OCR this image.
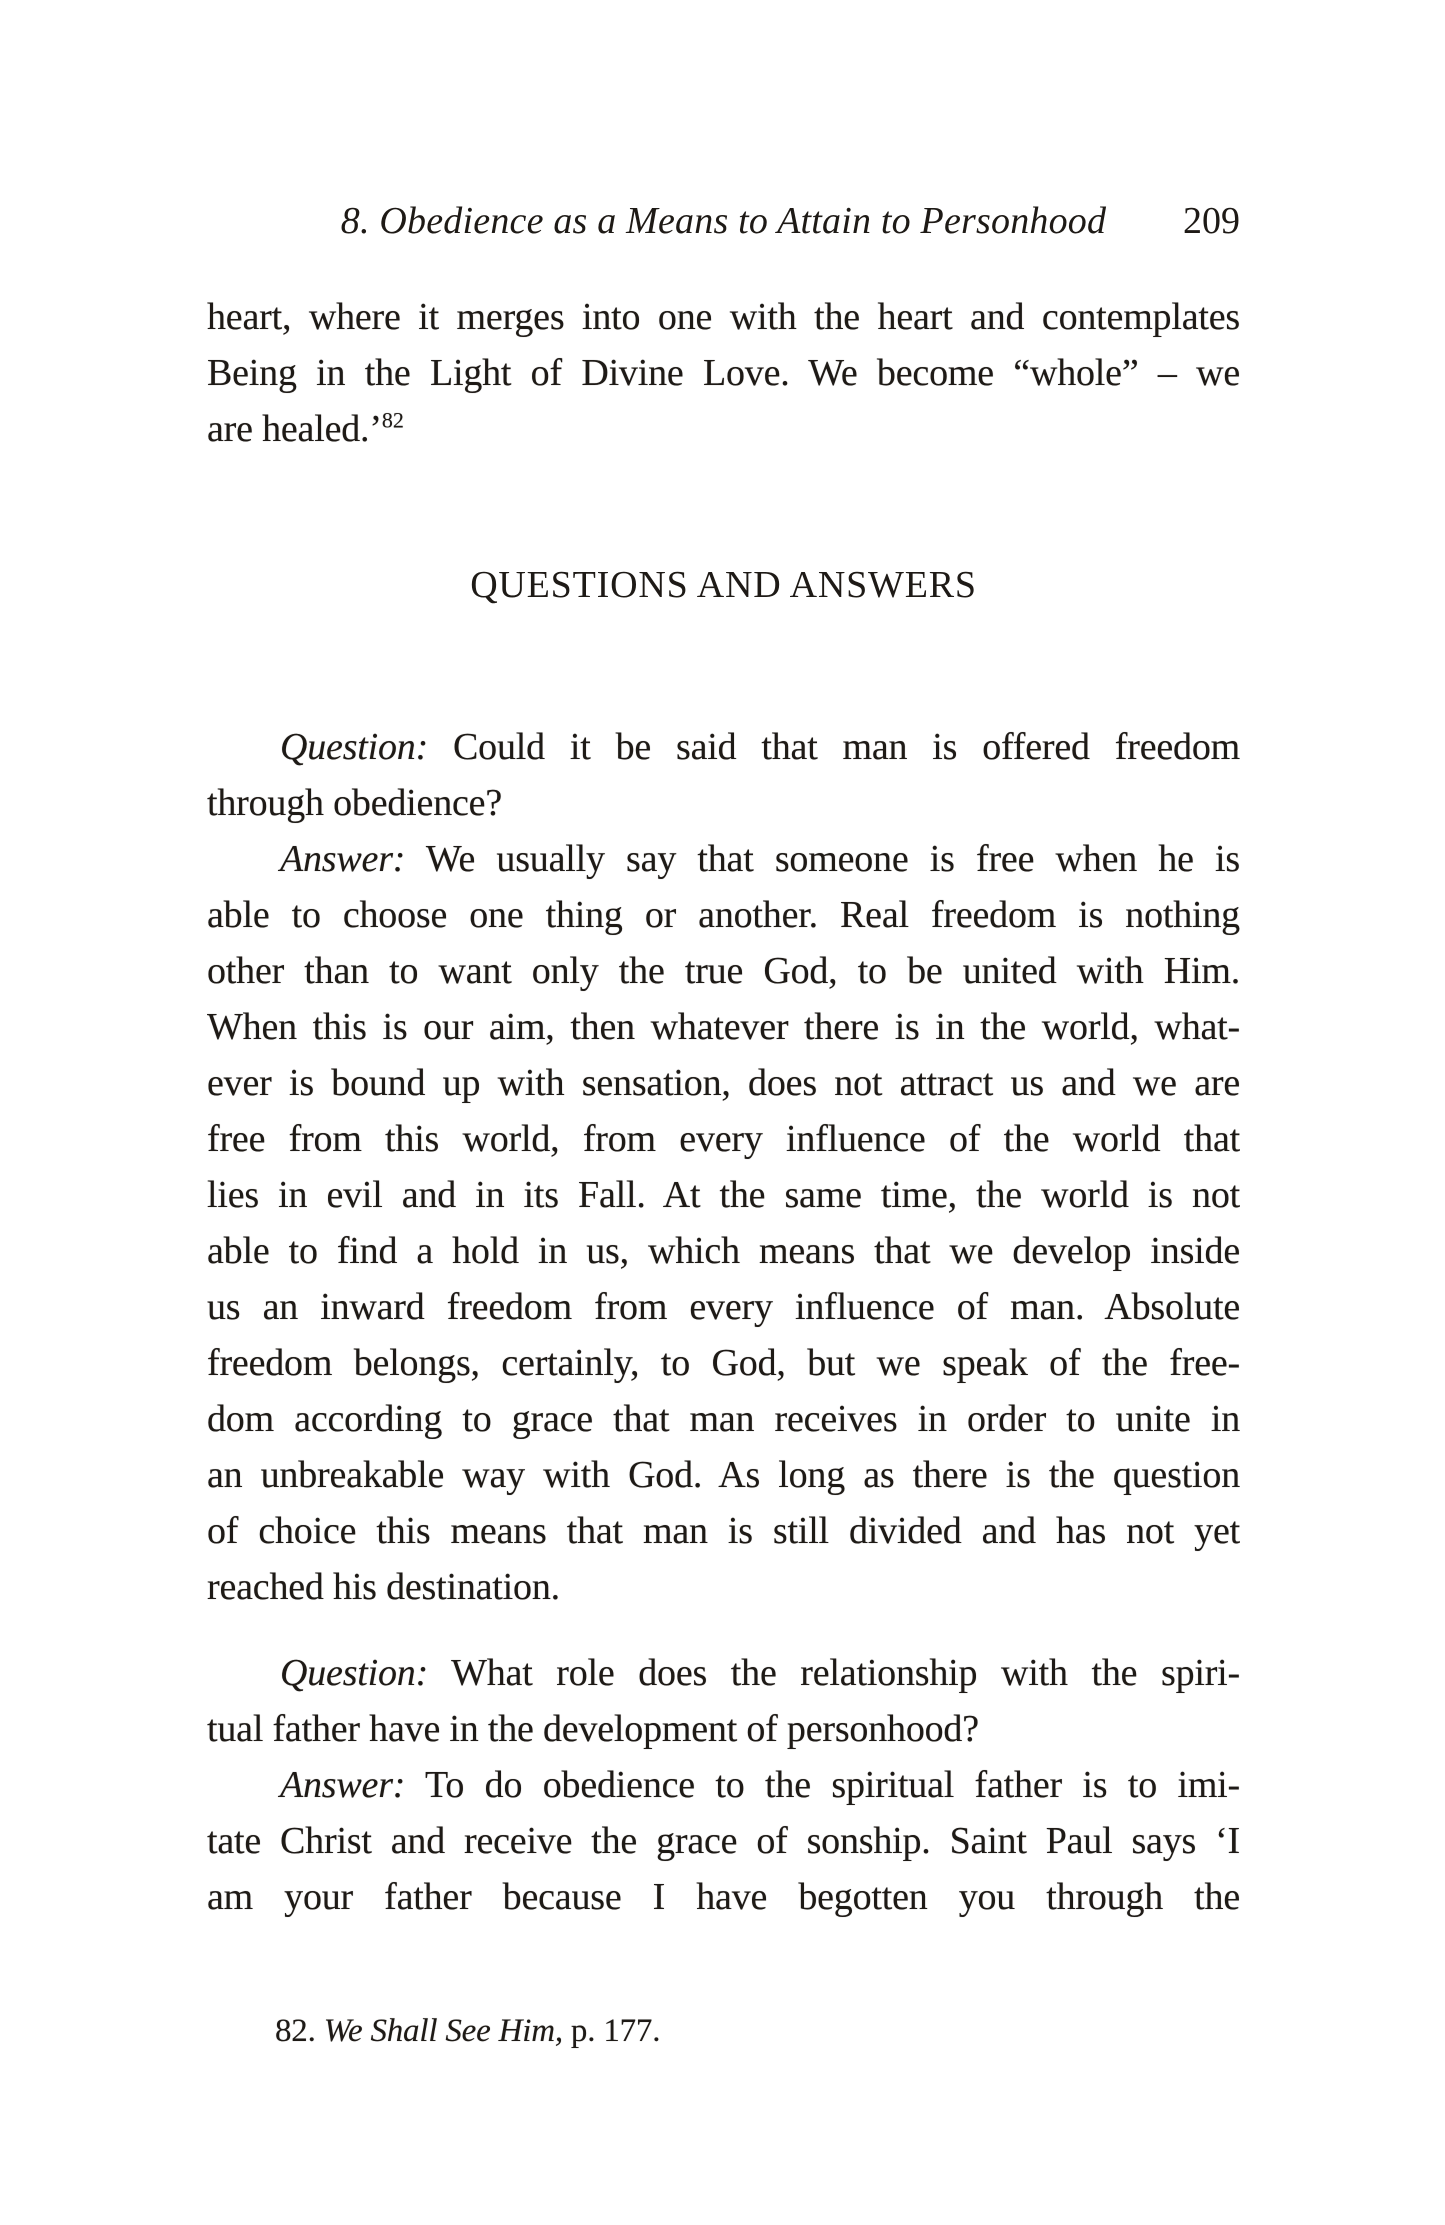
8. Obedience as a Means to Attain to Personhood	209
heart, where it merges into one with the heart and contemplates
Being in the Light of Divine Love. We become “whole” – we
are healed.’$^{82}$
QUESTIONS AND ANSWERS
Question: Could it be said that man is offered freedom
through obedience?
Answer: We usually say that someone is free when he is
able to choose one thing or another. Real freedom is nothing
other than to want only the true God, to be united with Him.
When this is our aim, then whatever there is in the world, what-
ever is bound up with sensation, does not attract us and we are
free from this world, from every influence of the world that
lies in evil and in its Fall. At the same time, the world is not
able to find a hold in us, which means that we develop inside
us an inward freedom from every influence of man. Absolute
freedom belongs, certainly, to God, but we speak of the free-
dom according to grace that man receives in order to unite in
an unbreakable way with God. As long as there is the question
of choice this means that man is still divided and has not yet
reached his destination.
Question: What role does the relationship with the spiri-
tual father have in the development of personhood?
Answer: To do obedience to the spiritual father is to imi-
tate Christ and receive the grace of sonship. Saint Paul says ‘I
am your father because I have begotten you through the
82. We Shall See Him, p. 177.
